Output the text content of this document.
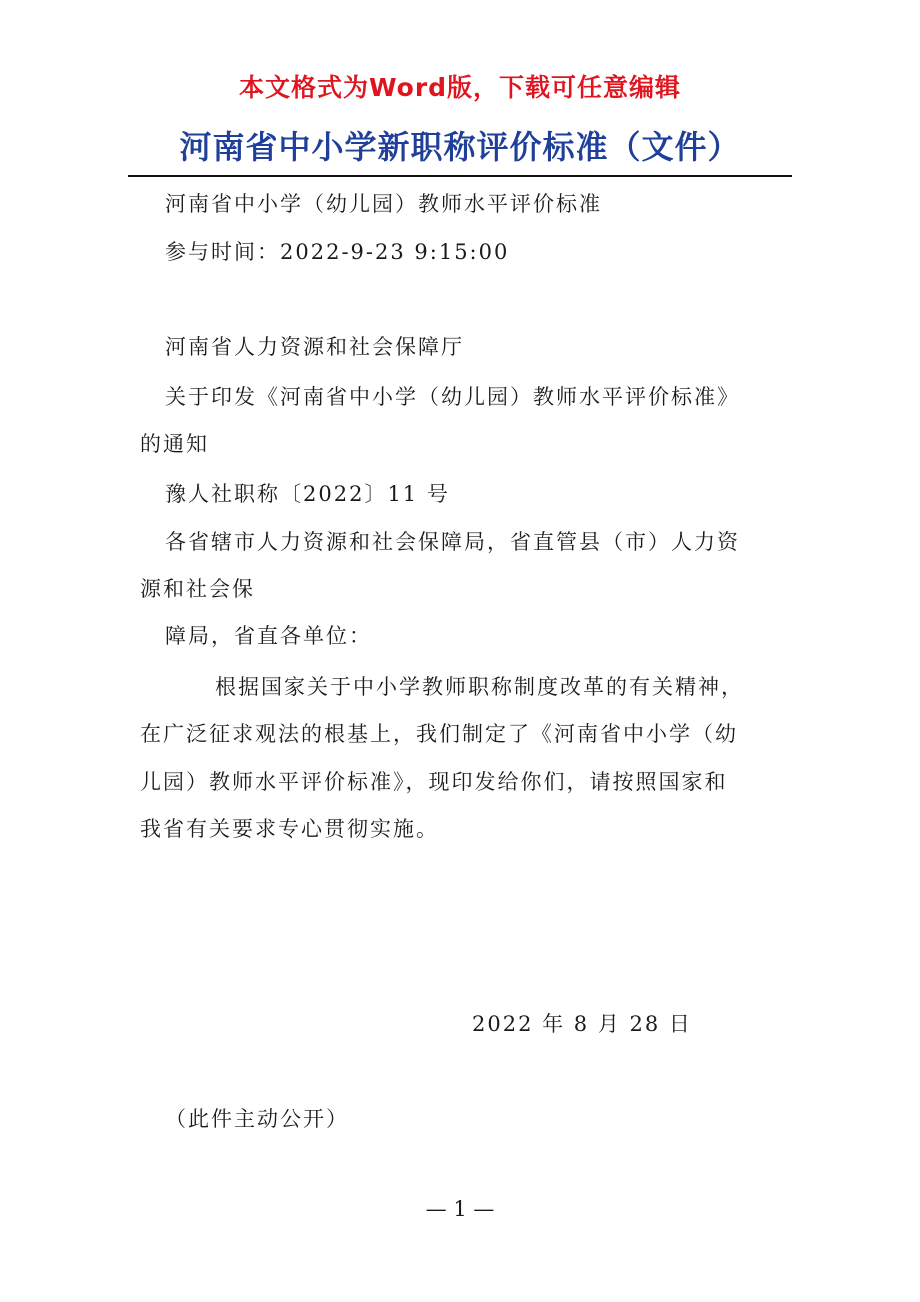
本文格式为Word版，下载可任意编辑
河南省中小学新职称评价标准（文件）
河南省中小学（幼儿园）教师水平评价标准
参与时间：2022-9-23 9:15:00
河南省人力资源和社会保障厅
关于印发《河南省中小学（幼儿园）教师水平评价标准》
的通知
豫人社职称〔2022〕11 号
各省辖市人力资源和社会保障局，省直管县（市）人力资
源和社会保
障局，省直各单位：
根据国家关于中小学教师职称制度改革的有关精神，
在广泛征求观法的根基上，我们制定了《河南省中小学（幼
儿园）教师水平评价标准》，现印发给你们，请按照国家和
我省有关要求专心贯彻实施。
2022 年 8 月 28 日
（此件主动公开）
— 1 —
